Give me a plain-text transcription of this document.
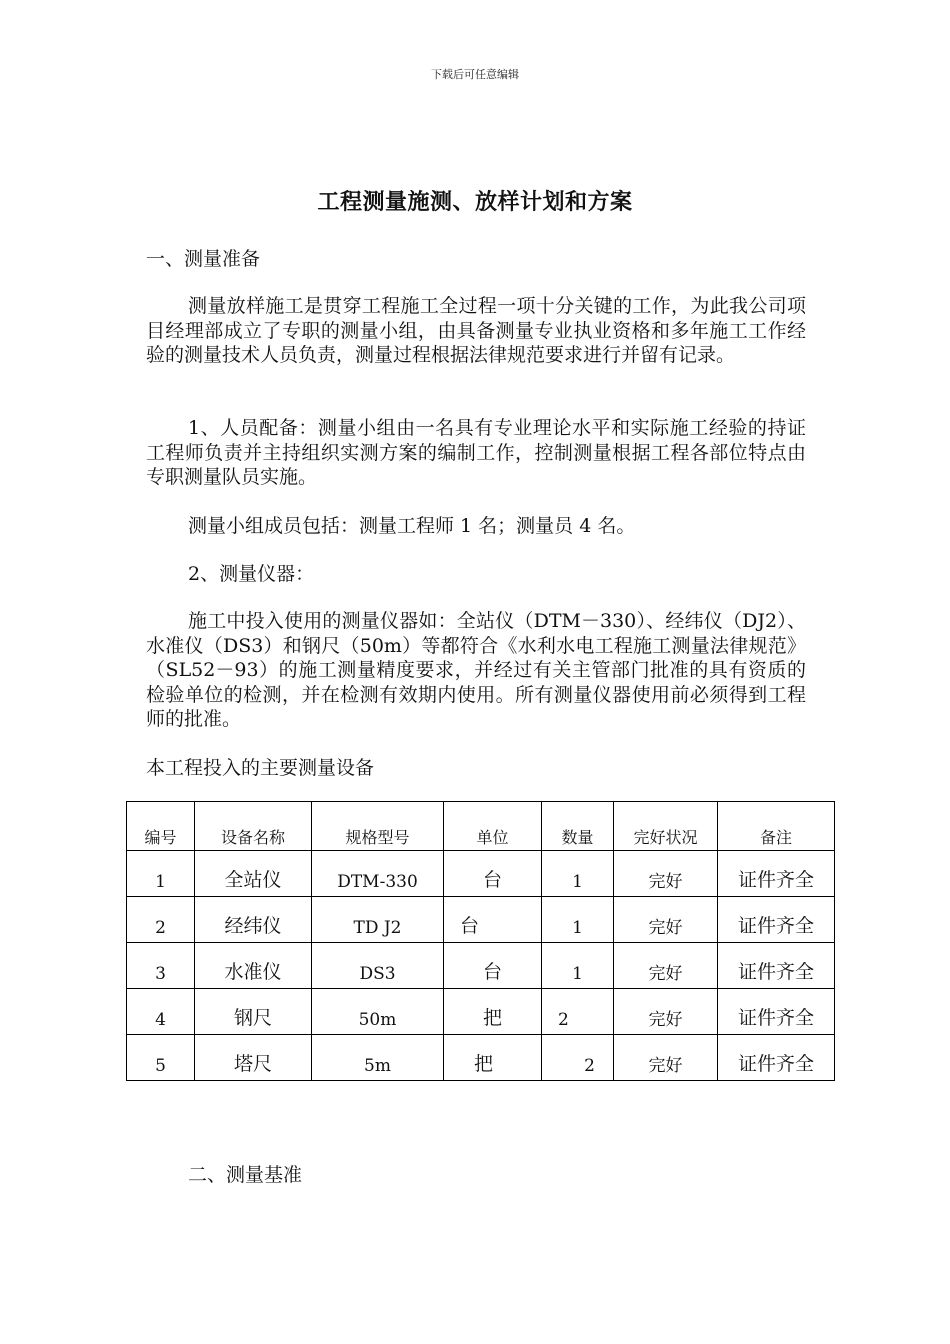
下载后可任意编辑
工程测量施测、放样计划和方案
一、测量准备
测量放样施工是贯穿工程施工全过程一项十分关键的工作，为此我公司项目经理部成立了专职的测量小组，由具备测量专业执业资格和多年施工工作经验的测量技术人员负责，测量过程根据法律规范要求进行并留有记录。
1、人员配备：测量小组由一名具有专业理论水平和实际施工经验的持证工程师负责并主持组织实测方案的编制工作，控制测量根据工程各部位特点由专职测量队员实施。
测量小组成员包括：测量工程师 1 名；测量员 4 名。
2、测量仪器：
施工中投入使用的测量仪器如：全站仪（DTM－330）、经纬仪（DJ2）、水准仪（DS3）和钢尺（50m）等都符合《水利水电工程施工测量法律规范》（SL52－93）的施工测量精度要求，并经过有关主管部门批准的具有资质的检验单位的检测，并在检测有效期内使用。所有测量仪器使用前必须得到工程师的批准。
本工程投入的主要测量设备
编号	设备名称	规格型号	单位	数量	完好状况	备注
1	全站仪	DTM-330	台	1	完好	证件齐全
2	经纬仪	TD J2	台	1	完好	证件齐全
3	水准仪	DS3	台	1	完好	证件齐全
4	钢尺	50m	把	2	完好	证件齐全
5	塔尺	5m	把	2	完好	证件齐全
二、测量基准
